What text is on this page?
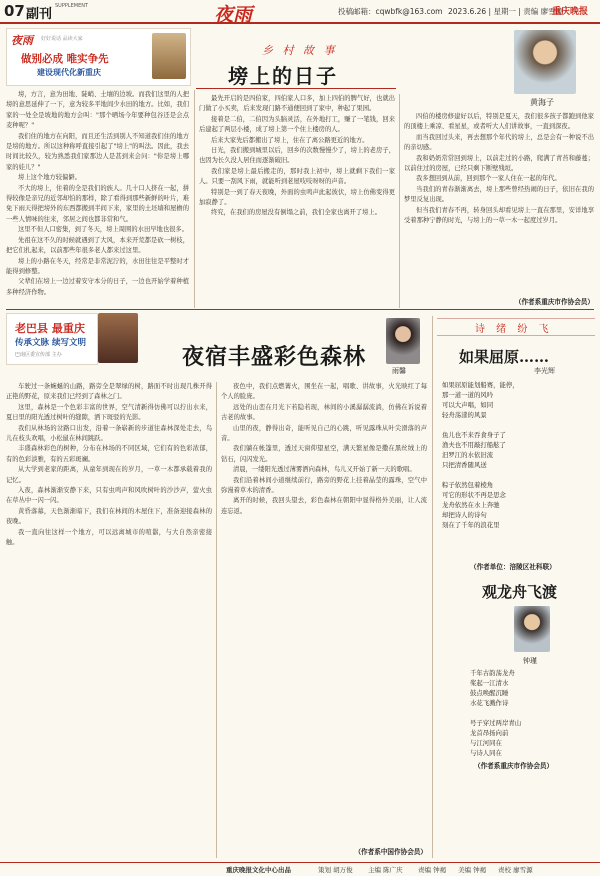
07 副刊
SUPPLEMENT	夜雨	投稿邮箱：cqwbfk@163.com 2023.6.26 | 星期一 | 责编 廖雪源
重庆晚报
夜雨 好好说话 品读大家
做别必成 唯实争先
建设现代化新重庆
乡 村 故 事
塝上的日子
黄海子

塝，方言，意为田地、陡峭、土壤的边坡。而我们这里的人把塝的意思延伸了一下，意为较多平地间少水田的地方。比如，我们家的一处全是坡地的地方会叫："那个晒场今年要种包谷还是会点麦种呢？"

我们住的地方在向阳，而且还生活到别人不知道我们住的地方是塝的地方。所以这种称呼直接引起了"塝上"的叫法。因此，我去时间比较久，较为熟悉我们家那边人是甚到来会问："你是塝上哪家的娃儿？"

塝上这个地方较偏僻。

不大的塝上，住着的全是我们的族人。几十口人挤在一起，拼得较像是亲兄的近邻却怕的那样，除了看得到那些新鲜的叶片，难免下雨天得把塝外的东西都搬到半间下来，家里的土坯墙和屋檐的一些人情味的往来，邻居之间也都非常和气。

这里不但人口密集，到了冬天，塝上周围的水田早地也很多。

先祖在这不久的时候就遇到了大风，本来开荒都是砍一树枝，把它们扎起来，以前那些年很多老人都来过这里。

塝上的小路在冬天，经常是非常泥泞的，水田往往是平整时才能得到修整。

父辈们在塝上一边过着安守本分的日子，一边也开始学着种植多种经济作物。

最先开启的是四伯家，四伯家人口多，加上四伯的脾气好，也就出门做了小买卖，后来发现门路不通便回到了家中，种起了果园。

接着是二伯，二伯因为头脑灵活，在外地打工，赚了一笔钱，回来后建起了两层小楼，成了塝上第一个住上楼房的人。

后来大家先后都搬出了塝上，住在了离公路更近的地方。

日光，我们搬到城里以后，回乡的次数慢慢少了，塝上的老房子，也因为长久没人居住而逐渐破旧。

我们家是塝上最后搬走的，那时我上初中，塝上就剩下我们一家人。只要一刮风下雨，就能听到老屋吱吱呀呀的声音。

特别是一到了春天夜晚，外面的虫鸣声此起彼伏，塝上仿佛变得更加寂静了。

终究，在我们的房屋没有倒塌之前，我们全家也离开了塝上。

四伯的楼房修建好以后，特别是夏天，我们很多孩子都跑到他家的顶楼上乘凉、看星星，或者听大人们讲故事，一直到深夜。

而当我回过头来，再去想那个年代的塝上，总是会有一种说不出的亲切感。

我和奶奶常常回到塝上，以前走过的小路，爬满了青苔和藤蔓；以前住过的房屋，已经只剩下断壁残垣。

我多想回到从前，回到那个一家人住在一起的年代。

当我们的青春渐渐离去，塝上那些曾经热闹的日子，依旧在我的梦里反复出现。

但当我们青春不再，转身回头却看见塝上一直在那里，安详地享受着那种宁静的时光，与塝上的一草一木一起度过岁月。

（作者系重庆市作协会员）
老巴县 最重庆
传承文脉 续写文明
巴南区委宣传部 主办	夜宿丰盛彩色森林
雨馨

车驶过一条蜿蜒的山路，路旁全是翠绿的树，路面不时出现几株开得正艳的野花，原来我们已经到了森林之门。

这里，森林是一个色彩丰富的世界，空气清新得仿佛可以拧出水来，夏日里的阳光透过树叶的缝隙，洒下斑驳的光影。

我们从林场的岔路口出发，沿着一条崭新的步道往森林深处走去，鸟儿在枝头欢唱，小松鼠在林间跳跃。

丰盛森林彩色的树种，分布在林场的不同区域，它们有的色彩浓郁，有的色彩淡雅，有的五彩斑斓。

从大学到老家的距离，从童年到现在的岁月，一草一木都承载着我的记忆。

入夜，森林渐渐安静下来，只有虫鸣声和风吹树叶的沙沙声，萤火虫在草丛中一闪一闪。

黄昏落幕，天色渐渐暗下，我们在林间的木屋住下，准备迎接森林的夜晚。

我一直向往这样一个地方，可以远离城市的喧嚣，与大自然亲密接触。

夜色中，我们点燃篝火，围坐在一起，唱歌、讲故事，火光映红了每个人的脸庞。

远处的山峦在月光下若隐若现，林间的小溪潺潺流淌，仿佛在诉说着古老的故事。

山里的夜，静得出奇，能听见自己的心跳，听见露珠从叶尖滑落的声音。

我们躺在帐篷里，透过天窗仰望星空，满天繁星像是撒在黑丝绒上的钻石，闪闪发光。

清晨，一缕阳光透过薄雾洒向森林，鸟儿又开始了新一天的歌唱。

我们沿着林间小道继续前行，路旁的野花上挂着晶莹的露珠，空气中弥漫着草木的清香。

离开的时候，我回头望去，彩色森林在朝阳中显得格外美丽，让人流连忘返。

（作者系中国作协会员）
诗 绪 纷 飞
如果屈原……
李光辉
如果屈原能划船赛，能停，
那一道一道的风吟
可以大声唱，如同
轻舟荡漾的风景

鱼儿也不来吞食身子了
渔夫也不用敲打船舷了
汨罗江的水依旧流
只把清香随风送

粽子依然包着棱角
可它的形状不再是思念
龙舟依然在水上奔驰
却把诗人的诗句
刻在了千年的浪花里
（作者单位：涪陵区社科联）
观龙舟飞渡
钟瑾
千年古韵荡龙舟
桨起一江清水
鼓点唤醒沉睡
水花飞溅作诗

号子穿过两岸青山
龙首昂扬向前
与江河同在
与诗人同在
（作者系重庆市作协会员）
重庆晚报文化中心出品	策划 胡万俊 主编 陈广庆 责编 钟褐 美编 钟褐 责校 廖雪源
